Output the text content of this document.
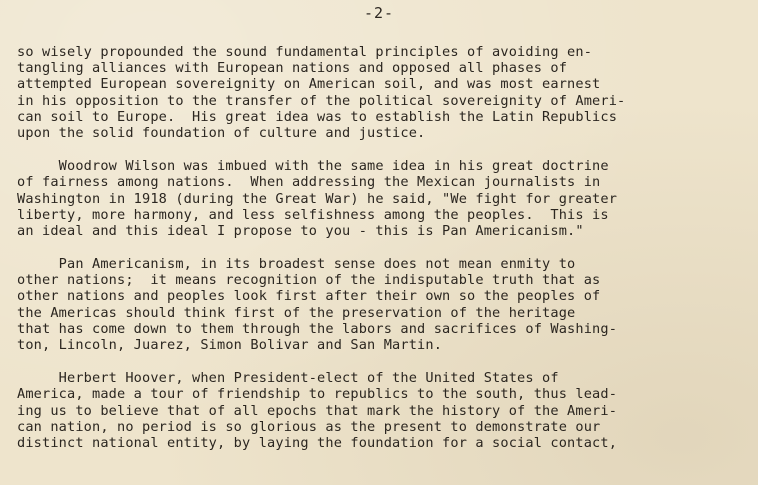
-2-
so wisely propounded the sound fundamental principles of avoiding en-
tangling alliances with European nations and opposed all phases of
attempted European sovereignity on American soil, and was most earnest
in his opposition to the transfer of the political sovereignity of Ameri-
can soil to Europe.  His great idea was to establish the Latin Republics
upon the solid foundation of culture and justice.
Woodrow Wilson was imbued with the same idea in his great doctrine
of fairness among nations.  When addressing the Mexican journalists in
Washington in 1918 (during the Great War) he said, "We fight for greater
liberty, more harmony, and less selfishness among the peoples.  This is
an ideal and this ideal I propose to you - this is Pan Americanism."
Pan Americanism, in its broadest sense does not mean enmity to
other nations;  it means recognition of the indisputable truth that as
other nations and peoples look first after their own so the peoples of
the Americas should think first of the preservation of the heritage
that has come down to them through the labors and sacrifices of Washing-
ton, Lincoln, Juarez, Simon Bolivar and San Martin.
Herbert Hoover, when President-elect of the United States of
America, made a tour of friendship to republics to the south, thus lead-
ing us to believe that of all epochs that mark the history of the Ameri-
can nation, no period is so glorious as the present to demonstrate our
distinct national entity, by laying the foundation for a social contact,
